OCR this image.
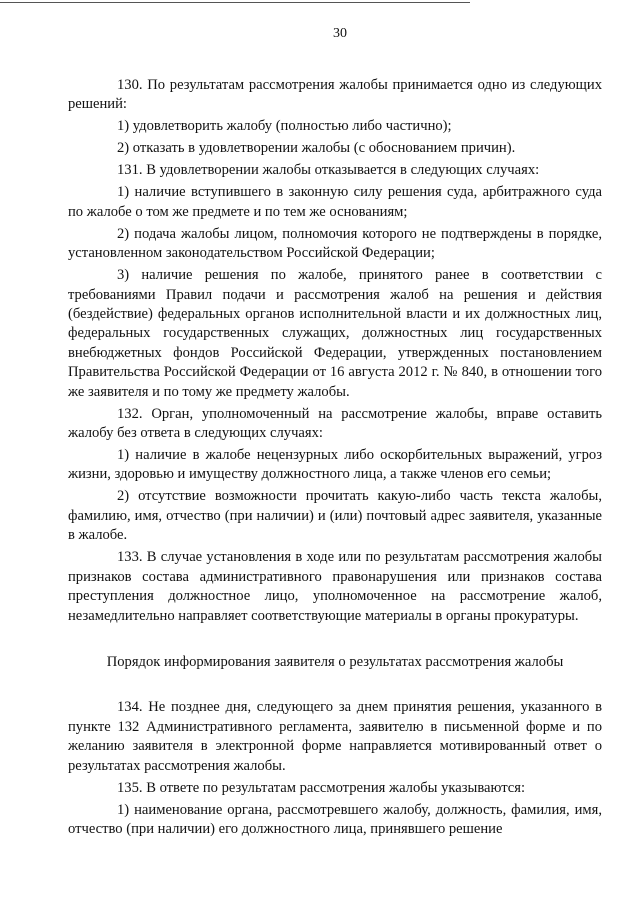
30

130. По результатам рассмотрения жалобы принимается одно из следующих решений:

1) удовлетворить жалобу (полностью либо частично);

2) отказать в удовлетворении жалобы (с обоснованием причин).

131. В удовлетворении жалобы отказывается в следующих случаях:

1) наличие вступившего в законную силу решения суда, арбитражного суда по жалобе о том же предмете и по тем же основаниям;

2) подача жалобы лицом, полномочия которого не подтверждены в порядке, установленном законодательством Российской Федерации;

3) наличие решения по жалобе, принятого ранее в соответствии с требованиями Правил подачи и рассмотрения жалоб на решения и действия (бездействие) федеральных органов исполнительной власти и их должностных лиц, федеральных государственных служащих, должностных лиц государственных внебюджетных фондов Российской Федерации, утвержденных постановлением Правительства Российской Федерации от 16 августа 2012 г. № 840, в отношении того же заявителя и по тому же предмету жалобы.

132. Орган, уполномоченный на рассмотрение жалобы, вправе оставить жалобу без ответа в следующих случаях:

1) наличие в жалобе нецензурных либо оскорбительных выражений, угроз жизни, здоровью и имуществу должностного лица, а также членов его семьи;

2) отсутствие возможности прочитать какую-либо часть текста жалобы, фамилию, имя, отчество (при наличии) и (или) почтовый адрес заявителя, указанные в жалобе.

133. В случае установления в ходе или по результатам рассмотрения жалобы признаков состава административного правонарушения или признаков состава преступления должностное лицо, уполномоченное на рассмотрение жалоб, незамедлительно направляет соответствующие материалы в органы прокуратуры.

Порядок информирования заявителя о результатах рассмотрения жалобы

134. Не позднее дня, следующего за днем принятия решения, указанного в пункте 132 Административного регламента, заявителю в письменной форме и по желанию заявителя в электронной форме направляется мотивированный ответ о результатах рассмотрения жалобы.

135. В ответе по результатам рассмотрения жалобы указываются:

1) наименование органа, рассмотревшего жалобу, должность, фамилия, имя, отчество (при наличии) его должностного лица, принявшего решение
